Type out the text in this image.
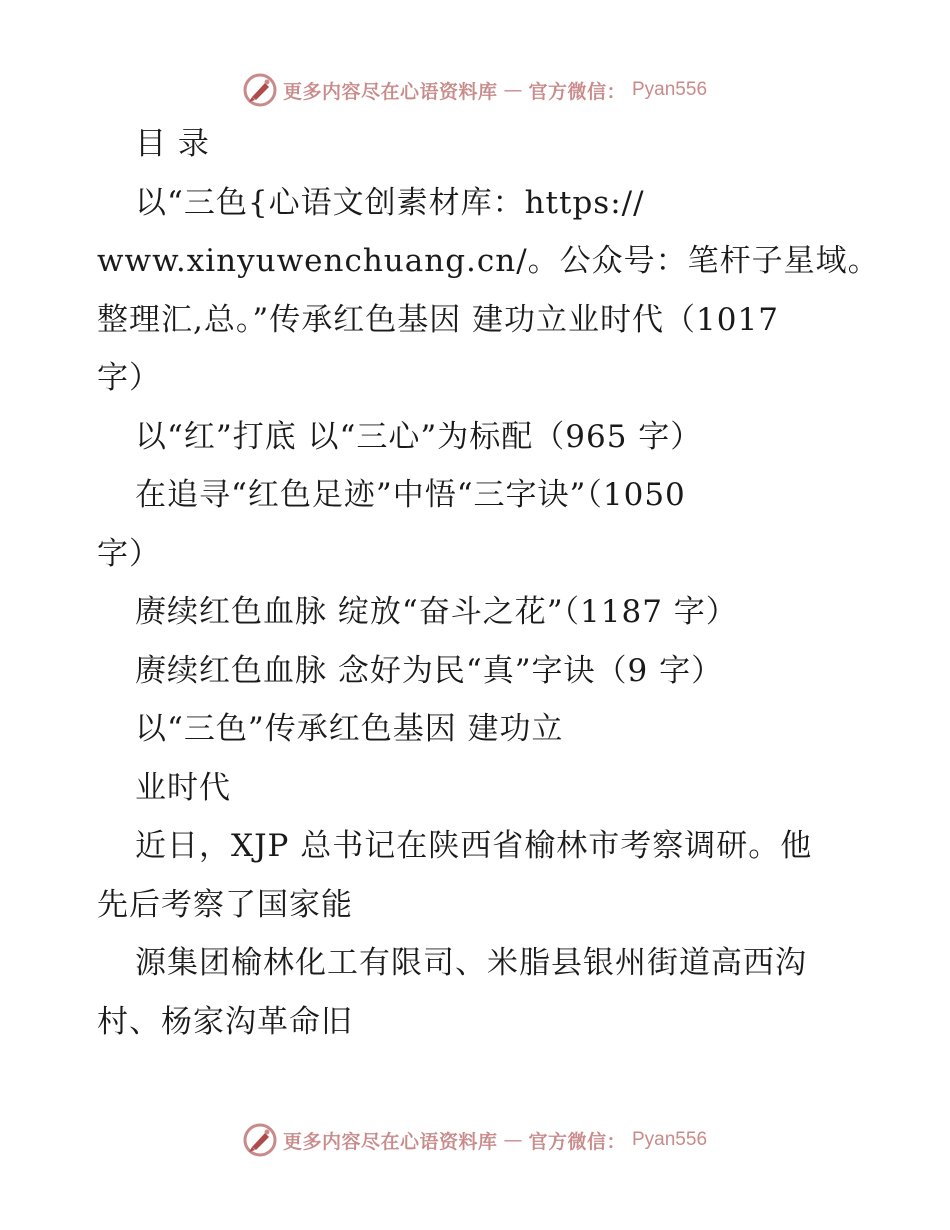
更多内容尽在心语资料库 — 官方微信： Pyan556

目 录

以“三色{心语文创素材库：https://

www.xinyuwenchuang.cn/。公众号：笔杆子星域。

整理汇,总。”传承红色基因 建功立业时代（1017

字）

以“红”打底 以“三心”为标配（965 字）

在追寻“红色足迹”中悟“三字诀”（1050

字）

赓续红色血脉 绽放“奋斗之花”（1187 字）

赓续红色血脉 念好为民“真”字诀（9 字）

以“三色”传承红色基因 建功立

业时代

近日，XJP 总书记在陕西省榆林市考察调研。他

先后考察了国家能

源集团榆林化工有限司、米脂县银州街道高西沟

村、杨家沟革命旧

更多内容尽在心语资料库 — 官方微信： Pyan556
